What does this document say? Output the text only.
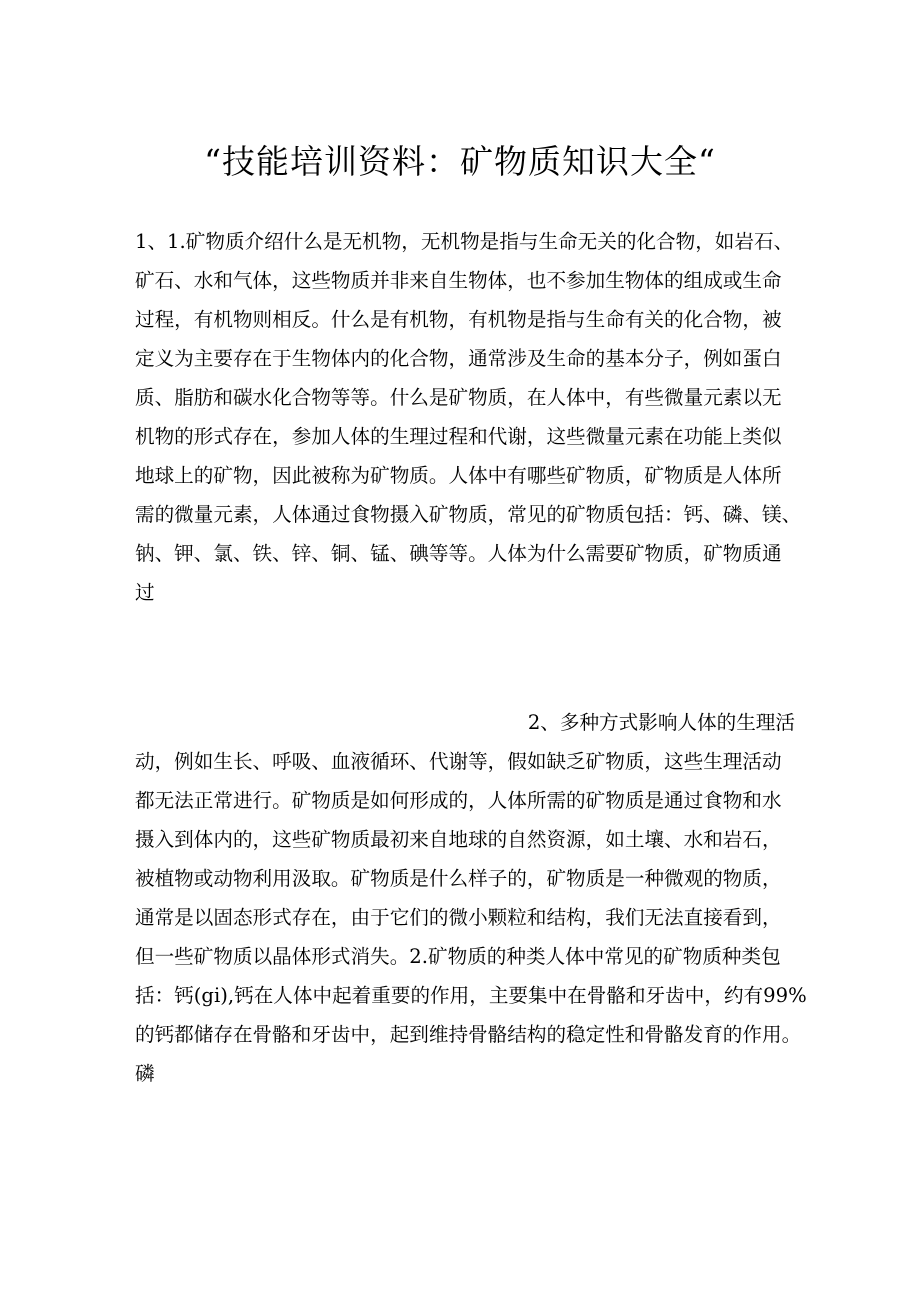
“技能培训资料：矿物质知识大全“
1、1.矿物质介绍什么是无机物，无机物是指与生命无关的化合物，如岩石、
矿石、水和气体，这些物质并非来自生物体，也不参加生物体的组成或生命
过程，有机物则相反。什么是有机物，有机物是指与生命有关的化合物，被
定义为主要存在于生物体内的化合物，通常涉及生命的基本分子，例如蛋白
质、脂肪和碳水化合物等等。什么是矿物质，在人体中，有些微量元素以无
机物的形式存在，参加人体的生理过程和代谢，这些微量元素在功能上类似
地球上的矿物，因此被称为矿物质。人体中有哪些矿物质，矿物质是人体所
需的微量元素，人体通过食物摄入矿物质，常见的矿物质包括：钙、磷、镁、
钠、钾、氯、铁、锌、铜、锰、碘等等。人体为什么需要矿物质，矿物质通
过
2、多种方式影响人体的生理活
动，例如生长、呼吸、血液循环、代谢等，假如缺乏矿物质，这些生理活动
都无法正常进行。矿物质是如何形成的，人体所需的矿物质是通过食物和水
摄入到体内的，这些矿物质最初来自地球的自然资源，如土壤、水和岩石，
被植物或动物利用汲取。矿物质是什么样子的，矿物质是一种微观的物质，
通常是以固态形式存在，由于它们的微小颗粒和结构，我们无法直接看到，
但一些矿物质以晶体形式消失。2.矿物质的种类人体中常见的矿物质种类包
括：钙(gi),钙在人体中起着重要的作用，主要集中在骨骼和牙齿中，约有99%
的钙都储存在骨骼和牙齿中，起到维持骨骼结构的稳定性和骨骼发育的作用。
磷
